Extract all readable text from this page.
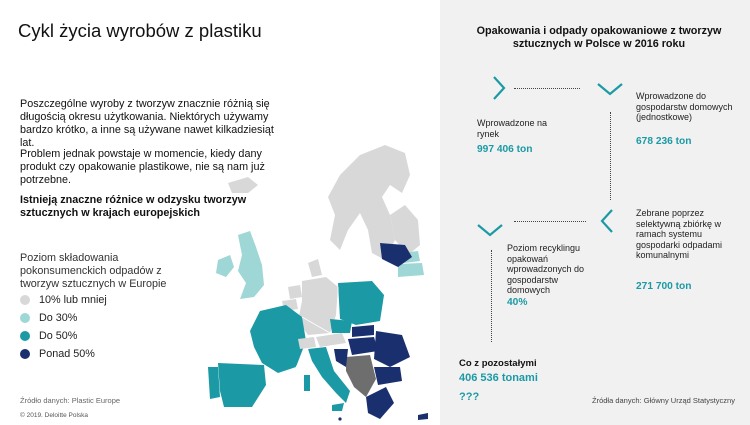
Cykl życia wyrobów z plastiku

Poszczególne wyroby z tworzyw znacznie różnią się długością okresu użytkowania. Niektórych używamy bardzo krótko, a inne są używane nawet kilkadziesiąt lat.

Problem jednak powstaje w momencie, kiedy dany produkt czy opakowanie plastikowe, nie są nam już potrzebne.

Istnieją znaczne różnice w odzysku tworzyw sztucznych w krajach europejskich

Poziom składowania pokonsumenckich odpadów z tworzyw sztucznych w Europie

10% lub mniej
Do 30%
Do 50%
Ponad 50%
Źródło danych: Plastic Europe
© 2019. Deloitte Polska
Opakowania i odpady opakowaniowe z tworzyw sztucznych w Polsce w 2016 roku
Wprowadzone na rynek
997 406 ton
Wprowadzone do gospodarstw domowych (jednostkowe)
678 236 ton
Zebrane poprzez selektywną zbiórkę w ramach systemu gospodarki odpadami komunalnymi
271 700 ton
Poziom recyklingu opakowań wprowadzonych do gospodarstw domowych
40%
Co z pozostałymi
406 536 tonami
???	Źródła danych: Główny Urząd Statystyczny
